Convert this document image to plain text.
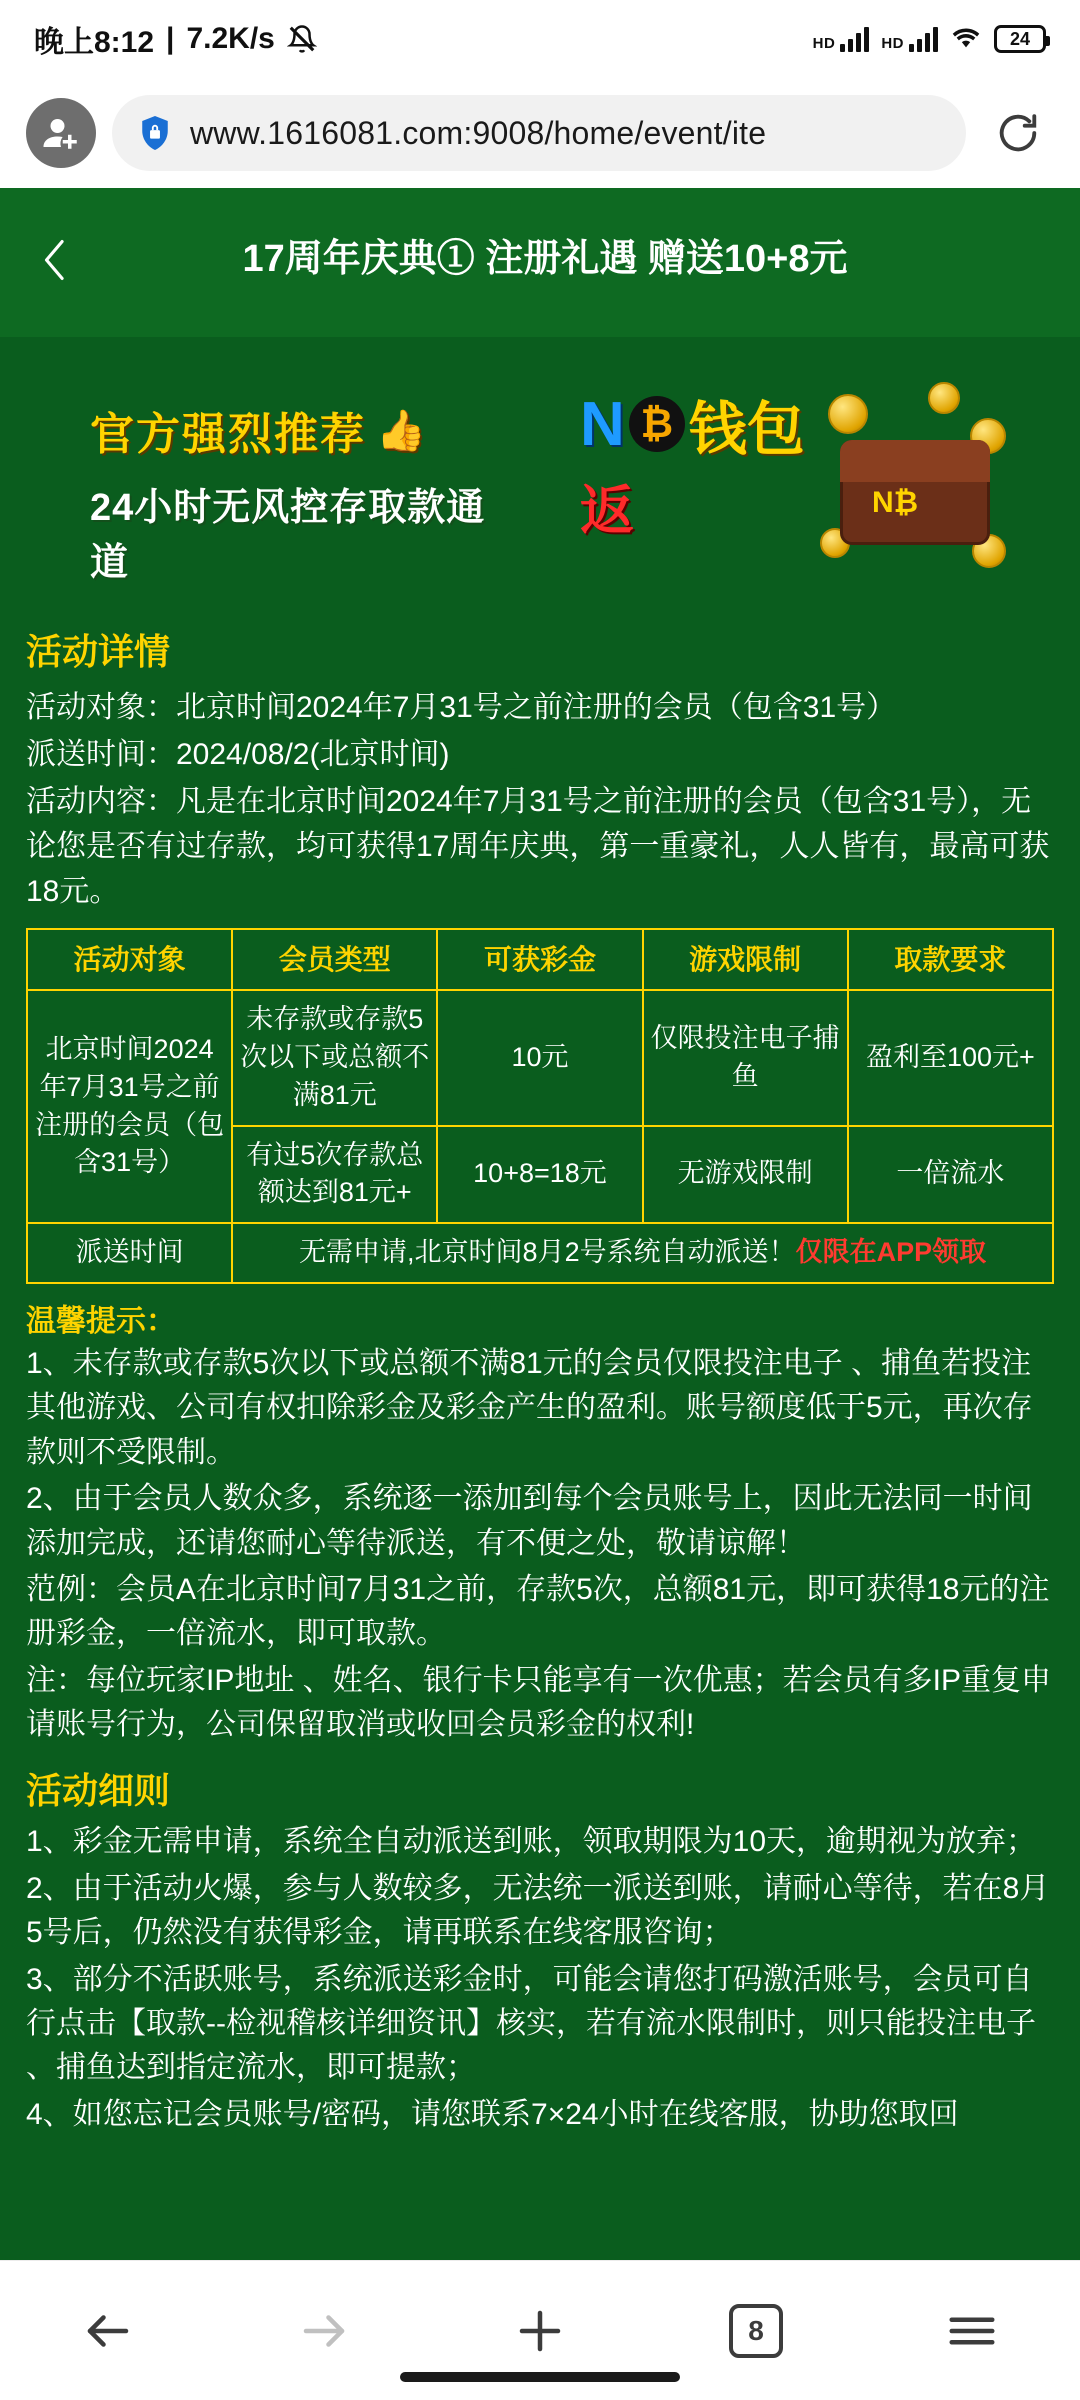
晚上8:12 | 7.2K/s	HD	HD	24
www.1616081.com:9008/home/event/ite
17周年庆典① 注册礼遇 赠送10+8元
官方强烈推荐 👍
24小时无风控存取款通道
N ₿ 钱包
返	N₿
活动详情
活动对象：北京时间2024年7月31号之前注册的会员（包含31号）
派送时间：2024/08/2(北京时间)
活动内容：凡是在北京时间2024年7月31号之前注册的会员（包含31号），无论您是否有过存款，均可获得17周年庆典，第一重豪礼，人人皆有，最高可获18元。
活动对象	会员类型	可获彩金	游戏限制	取款要求
北京时间2024年7月31号之前注册的会员（包含31号）	未存款或存款5次以下或总额不满81元	10元	仅限投注电子捕鱼	盈利至100元+
	有过5次存款总额达到81元+	10+8=18元	无游戏限制	一倍流水
派送时间	无需申请,北京时间8月2号系统自动派送！仅限在APP领取			
温馨提示：
1、未存款或存款5次以下或总额不满81元的会员仅限投注电子 、捕鱼若投注其他游戏、公司有权扣除彩金及彩金产生的盈利。账号额度低于5元，再次存款则不受限制。
2、由于会员人数众多，系统逐一添加到每个会员账号上，因此无法同一时间添加完成，还请您耐心等待派送，有不便之处，敬请谅解！
范例：会员A在北京时间7月31之前，存款5次，总额81元，即可获得18元的注册彩金，一倍流水，即可取款。
注：每位玩家IP地址 、姓名、银行卡只能享有一次优惠；若会员有多IP重复申请账号行为，公司保留取消或收回会员彩金的权利!
活动细则
1、彩金无需申请，系统全自动派送到账，领取期限为10天，逾期视为放弃；
2、由于活动火爆，参与人数较多，无法统一派送到账，请耐心等待，若在8月5号后，仍然没有获得彩金，请再联系在线客服咨询；
3、部分不活跃账号，系统派送彩金时，可能会请您打码激活账号，会员可自行点击【取款--检视稽核详细资讯】核实，若有流水限制时，则只能投注电子 、捕鱼达到指定流水，即可提款；
4、如您忘记会员账号/密码，请您联系7×24小时在线客服，协助您取回
8
